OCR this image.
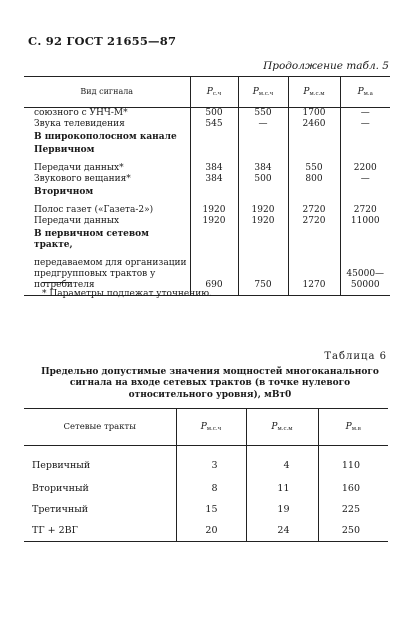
С. 92 ГОСТ 21655—87
Продолжение табл. 5
Вид сигнала	$P_{с.ч}$	$P_{м.с.ч}$	$P_{м.с.м}$	$P_{м.а}$
союзного с УНЧ-М*	500	550	1700	—
Звука телевидения	545	—	2460	—
В широкополосном канале				
Первичном				

Передачи данных*	384	384	550	2200
Звукового вещания*	384	500	800	—
Вторичном				

Полос газет («Газета-2»)	1920	1920	2720	2720
Передачи данных	1920	1920	2720	11000
В первичном сетевом тракте,				

передаваемом для организации предгрупповых трактов у потребителя	690	750	1270	45000—50000
* Параметры подлежат уточнению.
Таблица 6
Предельно допустимые значения мощностей многоканального сигнала на входе сетевых трактов (в точке нулевого относительного уровня), мВт0
Сетевые тракты	$P_{м.с.ч}$	$P_{м.с.м}$	$P_{м.в}$
Первичный	3	4	110
Вторичный	8	11	160
Третичный	15	19	225
ТГ + 2ВГ	20	24	250
